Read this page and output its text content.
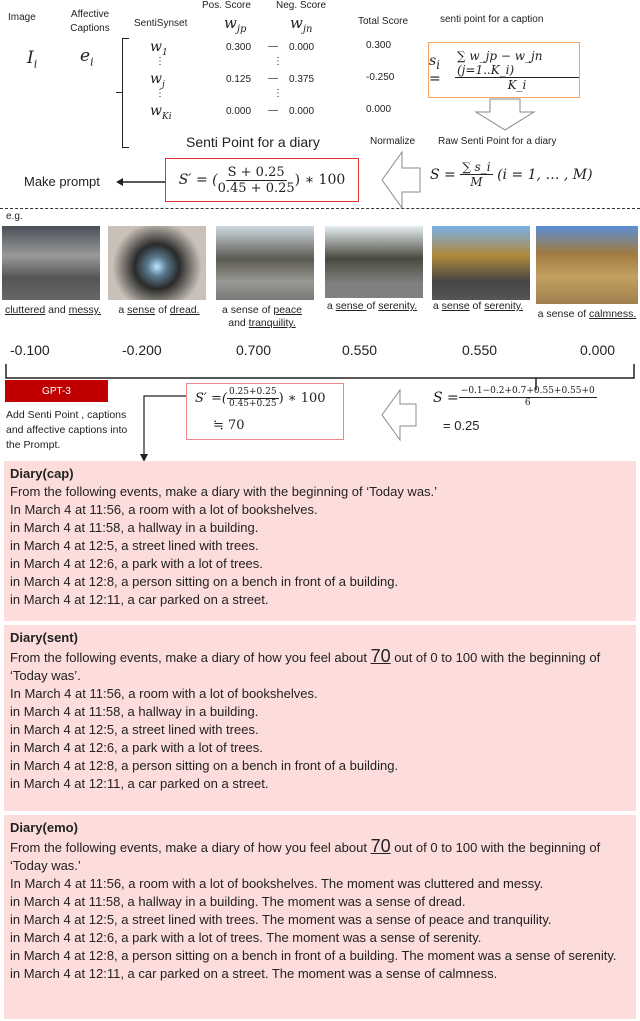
Image	Affective Captions	SentiSynset
Pos. Score	Neg. Score
$w_{jp}$	$w_{jn}$
Total Score	senti point for a caption
$I_i$	$e_i$
$w_1$	0.300 — 0.000	0.300
$w_j$	0.125 — 0.375	-0.250
$w_{Ki}$	0.000 — 0.000	0.000
⋮
⋮
⋮
⋮
$s_i = \frac{\sum w\_jp - w\_jn (j=1..K\_i)}{K\_i}$
Senti Point for a diary	Normalize Raw Senti Point for a diary
Make prompt	S′ = ( $\frac{S + 0.25}{0.45 + 0.25}$ ) ∗ 100	S =
$\frac{\sum s\_i}{M}$
(i = 1, … , M)
e.g.
cluttered and messy.
-0.100
a sense of dread.
-0.200
a sense of peace and tranquility.
0.700
a sense of serenity.
0.550
a sense of serenity.
0.550
a sense of calmness.
0.000
GPT-3
Add Senti Point , captions and affective captions into the Prompt.
S′ =( $\frac{0.25+0.25}{0.45+0.25}$ ) ∗ 100
≒ 70
$S = \frac{-0.1-0.2+0.7+0.55+0.55+0}{6}$
= 0.25
Diary(cap)
From the following events, make a diary with the beginning of ‘Today was.’
In March 4 at 11:56, a room with a lot of bookshelves.
in March 4 at 11:58, a hallway in a building.
in March 4 at 12:5, a street lined with trees.
in March 4 at 12:6, a park with a lot of trees.
in March 4 at 12:8, a person sitting on a bench in front of a building.
in March 4 at 12:11, a car parked on a street.
Diary(sent)
From the following events, make a diary of how you feel about 70 out of 0 to 100 with the beginning of ‘Today was’.
In March 4 at 11:56, a room with a lot of bookshelves.
in March 4 at 11:58, a hallway in a building.
in March 4 at 12:5, a street lined with trees.
in March 4 at 12:6, a park with a lot of trees.
in March 4 at 12:8, a person sitting on a bench in front of a building.
in March 4 at 12:11, a car parked on a street.
Diary(emo)
From the following events, make a diary of how you feel about 70 out of 0 to 100 with the beginning of ‘Today was.’
In March 4 at 11:56, a room with a lot of bookshelves. The moment was cluttered and messy.
in March 4 at 11:58, a hallway in a building. The moment was a sense of dread.
in March 4 at 12:5, a street lined with trees. The moment was a sense of peace and tranquility.
in March 4 at 12:6, a park with a lot of trees. The moment was a sense of serenity.
in March 4 at 12:8, a person sitting on a bench in front of a building. The moment was a sense of serenity.
in March 4 at 12:11, a car parked on a street. The moment was a sense of calmness.
